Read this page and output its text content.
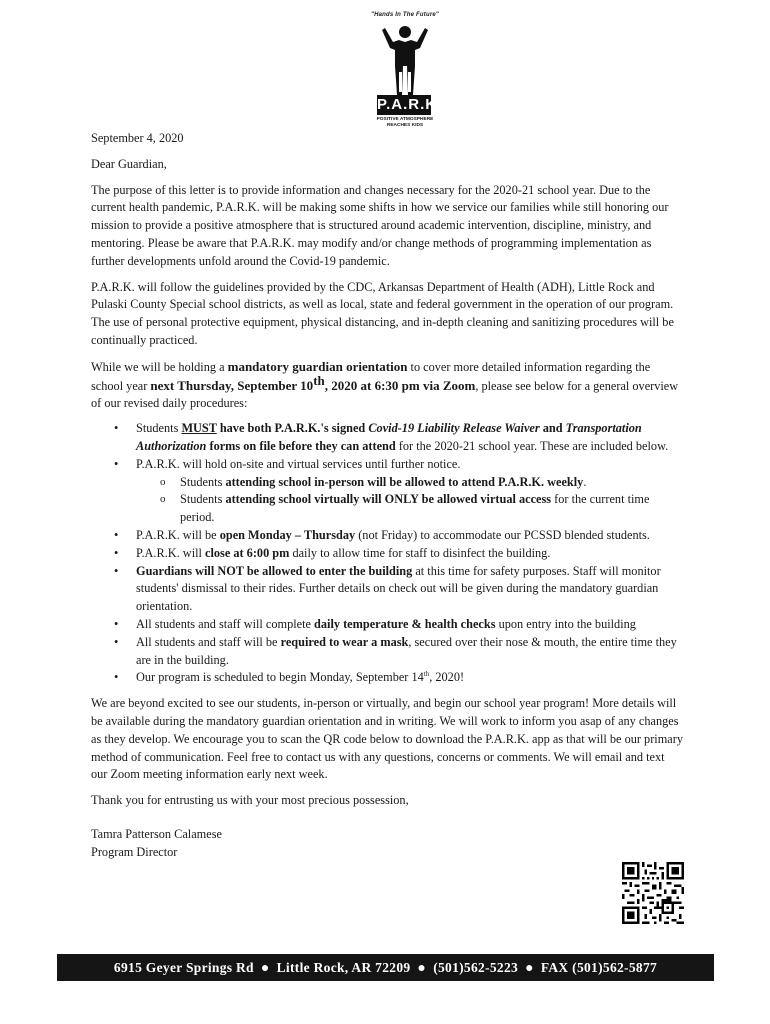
"Hands In The Future"
P.A.R.K.
POSITIVE ATMOSPHERE
REACHES KIDS

September 4, 2020

Dear Guardian,

The purpose of this letter is to provide information and changes necessary for the 2020-21 school year. Due to the current health pandemic, P.A.R.K. will be making some shifts in how we service our families while still honoring our mission to provide a positive atmosphere that is structured around academic intervention, discipline, ministry, and mentoring. Please be aware that P.A.R.K. may modify and/or change methods of programming implementation as further developments unfold around the Covid-19 pandemic.

P.A.R.K. will follow the guidelines provided by the CDC, Arkansas Department of Health (ADH), Little Rock and Pulaski County Special school districts, as well as local, state and federal government in the operation of our program. The use of personal protective equipment, physical distancing, and in-depth cleaning and sanitizing procedures will be continually practiced.

While we will be holding a mandatory guardian orientation to cover more detailed information regarding the school year next Thursday, September 10th, 2020 at 6:30 pm via Zoom, please see below for a general overview of our revised daily procedures:

• Students MUST have both P.A.R.K.'s signed Covid-19 Liability Release Waiver and Transportation Authorization forms on file before they can attend for the 2020-21 school year. These are included below.
• P.A.R.K. will hold on-site and virtual services until further notice.
o Students attending school in-person will be allowed to attend P.A.R.K. weekly.
o Students attending school virtually will ONLY be allowed virtual access for the current time period.
• P.A.R.K. will be open Monday – Thursday (not Friday) to accommodate our PCSSD blended students.
• P.A.R.K. will close at 6:00 pm daily to allow time for staff to disinfect the building.
• Guardians will NOT be allowed to enter the building at this time for safety purposes. Staff will monitor students' dismissal to their rides. Further details on check out will be given during the mandatory guardian orientation.
• All students and staff will complete daily temperature & health checks upon entry into the building
• All students and staff will be required to wear a mask, secured over their nose & mouth, the entire time they are in the building.
• Our program is scheduled to begin Monday, September 14th, 2020!

We are beyond excited to see our students, in-person or virtually, and begin our school year program! More details will be available during the mandatory guardian orientation and in writing. We will work to inform you asap of any changes as they develop. We encourage you to scan the QR code below to download the P.A.R.K. app as that will be our primary method of communication. Feel free to contact us with any questions, concerns or comments. We will email and text our Zoom meeting information early next week.

Thank you for entrusting us with your most precious possession,

Tamra Patterson Calamese

Program Director

6915 Geyer Springs Rd ● Little Rock, AR 72209 ● (501)562-5223 ● FAX (501)562-5877
